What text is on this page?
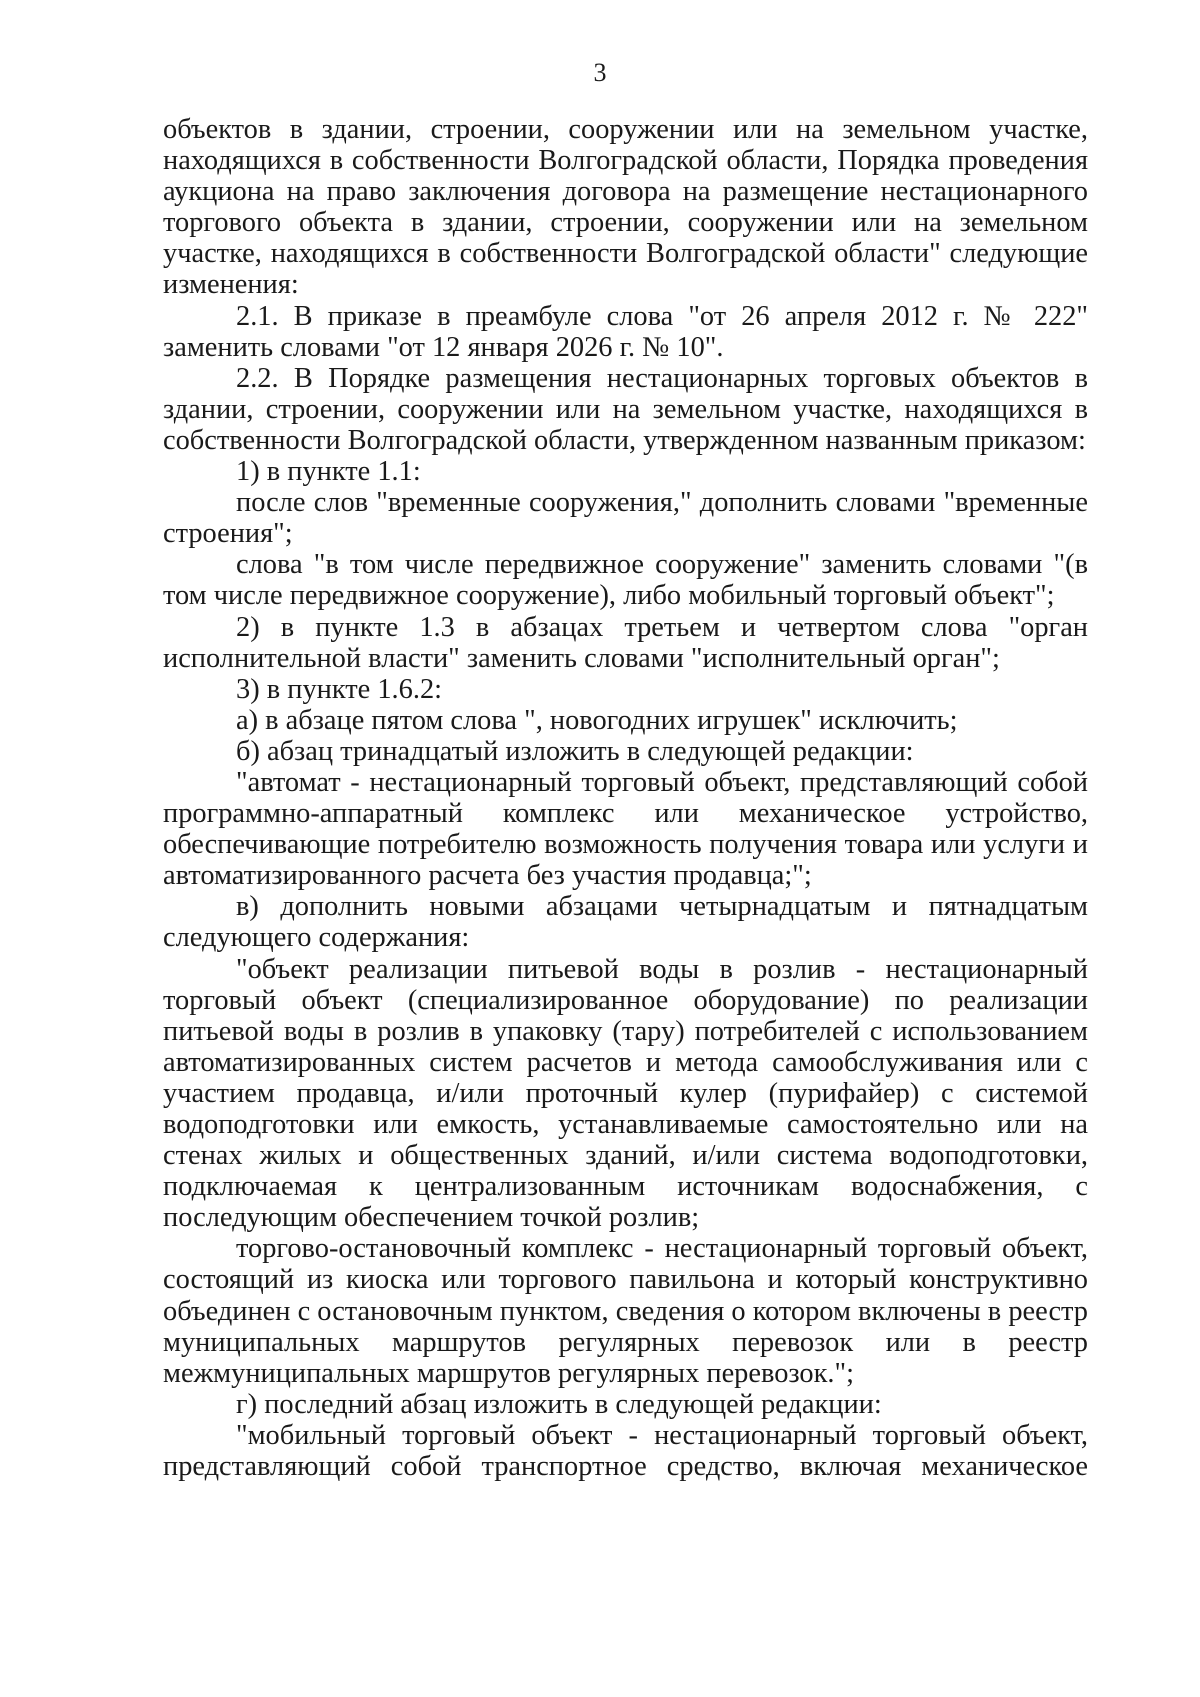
3

объектов в здании, строении, сооружении или на земельном участке, находящихся в собственности Волгоградской области, Порядка проведения аукциона на право заключения договора на размещение нестационарного торгового объекта в здании, строении, сооружении или на земельном участке, находящихся в собственности Волгоградской области" следующие изменения:

2.1. В приказе в преамбуле слова "от 26 апреля 2012 г. № 222" заменить словами "от 12 января 2026 г. № 10".

2.2. В Порядке размещения нестационарных торговых объектов в здании, строении, сооружении или на земельном участке, находящихся в собственности Волгоградской области, утвержденном названным приказом:

1) в пункте 1.1:

после слов "временные сооружения," дополнить словами "временные строения";

слова "в том числе передвижное сооружение" заменить словами "(в том числе передвижное сооружение), либо мобильный торговый объект";

2) в пункте 1.3 в абзацах третьем и четвертом слова "орган исполнительной власти" заменить словами "исполнительный орган";

3) в пункте 1.6.2:

а) в абзаце пятом слова ", новогодних игрушек" исключить;

б) абзац тринадцатый изложить в следующей редакции:

"автомат - нестационарный торговый объект, представляющий собой программно-аппаратный комплекс или механическое устройство, обеспечивающие потребителю возможность получения товара или услуги и автоматизированного расчета без участия продавца;";

в) дополнить новыми абзацами четырнадцатым и пятнадцатым следующего содержания:

"объект реализации питьевой воды в розлив - нестационарный торговый объект (специализированное оборудование) по реализации питьевой воды в розлив в упаковку (тару) потребителей с использованием автоматизированных систем расчетов и метода самообслуживания или с участием продавца, и/или проточный кулер (пурифайер) с системой водоподготовки или емкость, устанавливаемые самостоятельно или на стенах жилых и общественных зданий, и/или система водоподготовки, подключаемая к централизованным источникам водоснабжения, с последующим обеспечением точкой розлив;

торгово-остановочный комплекс - нестационарный торговый объект, состоящий из киоска или торгового павильона и который конструктивно объединен с остановочным пунктом, сведения о котором включены в реестр муниципальных маршрутов регулярных перевозок или в реестр межмуниципальных маршрутов регулярных перевозок.";

г) последний абзац изложить в следующей редакции:

"мобильный торговый объект - нестационарный торговый объект, представляющий собой транспортное средство, включая механическое
